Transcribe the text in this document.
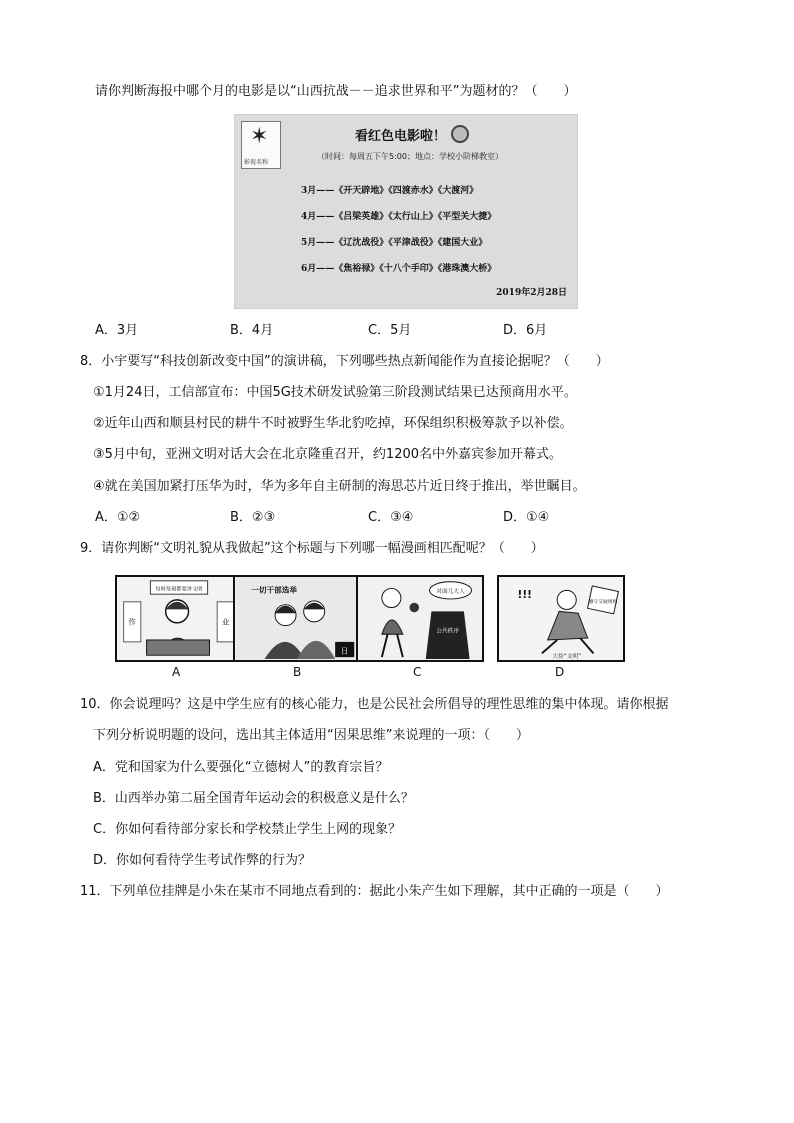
请你判断海报中哪个月的电影是以“山西抗战－－追求世界和平”为题材的？（　　）
✶
影视名称
看红色电影啦！
（时间：每周五下午5:00；地点：学校小阶梯教室）
3月——《开天辟地》《四渡赤水》《大渡河》
4月——《吕梁英雄》《太行山上》《平型关大捷》
5月——《辽沈战役》《平津战役》《建国大业》
6月——《焦裕禄》《十八个手印》《港珠澳大桥》
2019年2月28日
A．3月	B．4月	C．5月	D．6月
8．小宇要写“科技创新改变中国”的演讲稿，下列哪些热点新闻能作为直接论据呢？（　　）
①1月24日，工信部宣布：中国5G技术研发试验第三阶段测试结果已达预商用水平。
②近年山西和顺县村民的耕牛不时被野生华北豹吃掉，环保组织积极筹款予以补偿。
③5月中旬，亚洲文明对话大会在北京隆重召开，约1200名中外嘉宾参加开幕式。
④就在美国加紧打压华为时，华为多年自主研制的海思芯片近日终于推出，举世瞩目。
A．①②	B．②③	C．③④	D．①④
9．请你判断“文明礼貌从我做起”这个标题与下列哪一幅漫画相匹配呢？（　　）
每时每刻都要讲文明
作	业
一切干部选举
日
对面儿大人
公共秩序
!!!
遵守交通规则
大俭“文明”
A	B	C	D
10．你会说理吗？这是中学生应有的核心能力，也是公民社会所倡导的理性思维的集中体现。请你根据
下列分析说明题的设问，选出其主体适用“因果思维”来说理的一项：（　　）
A．党和国家为什么要强化“立德树人”的教育宗旨？
B．山西举办第二届全国青年运动会的积极意义是什么？
C．你如何看待部分家长和学校禁止学生上网的现象？
D．你如何看待学生考试作弊的行为？
11．下列单位挂牌是小朱在某市不同地点看到的：据此小朱产生如下理解，其中正确的一项是（　　）
